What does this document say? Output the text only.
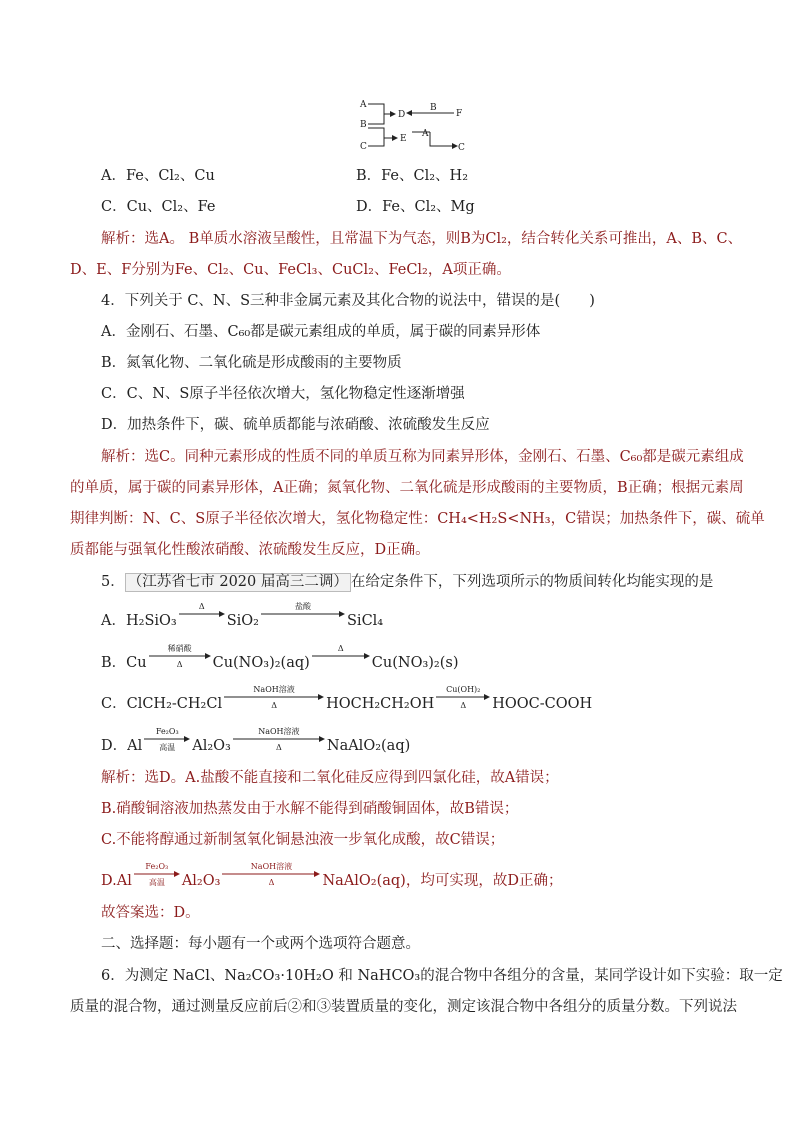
A
B
C
D
E
F
C
B
A
A．Fe、Cl₂、Cu	B．Fe、Cl₂、H₂
C．Cu、Cl₂、Fe	D．Fe、Cl₂、Mg
解析：选A。 B单质水溶液呈酸性，且常温下为气态，则B为Cl₂，结合转化关系可推出，A、B、C、
D、E、F分别为Fe、Cl₂、Cu、FeCl₃、CuCl₂、FeCl₂，A项正确。
4．下列关于 C、N、S三种非金属元素及其化合物的说法中，错误的是(　　)
A．金刚石、石墨、C₆₀都是碳元素组成的单质，属于碳的同素异形体
B．氮氧化物、二氧化硫是形成酸雨的主要物质
C．C、N、S原子半径依次增大，氢化物稳定性逐渐增强
D．加热条件下，碳、硫单质都能与浓硝酸、浓硫酸发生反应
解析：选C。同种元素形成的性质不同的单质互称为同素异形体，金刚石、石墨、C₆₀都是碳元素组成
的单质，属于碳的同素异形体，A正确；氮氧化物、二氧化硫是形成酸雨的主要物质，B正确；根据元素周
期律判断：N、C、S原子半径依次增大，氢化物稳定性：CH₄<H₂S<NH₃，C错误；加热条件下，碳、硫单
质都能与强氧化性酸浓硝酸、浓硫酸发生反应，D正确。
5． （江苏省七市 2020 届高三二调） 在给定条件下，下列选项所示的物质间转化均能实现的是
A． H₂SiO₃
Δ

SiO₂
盐酸

SiCl₄
B． Cu
稀硝酸
Δ Cu(NO₃)₂(aq)
Δ

Cu(NO₃)₂(s)
C． ClCH₂-CH₂Cl
NaOH溶液
Δ	HOCH₂CH₂OH
Cu(OH)₂
Δ HOOC-COOH
D． Al
Fe₂O₃
高温 Al₂O₃
NaOH溶液
Δ	NaAlO₂(aq)
解析：选D。A.盐酸不能直接和二氧化硅反应得到四氯化硅，故A错误；
B.硝酸铜溶液加热蒸发由于水解不能得到硝酸铜固体，故B错误；
C.不能将醇通过新制氢氧化铜悬浊液一步氧化成酸，故C错误；
D. Al
Fe₂O₃
高温 Al₂O₃
NaOH溶液
Δ	NaAlO₂(aq) ，均可实现，故D正确；
故答案选：D。
二、选择题：每小题有一个或两个选项符合题意。
6．为测定 NaCl、Na₂CO₃·10H₂O 和 NaHCO₃的混合物中各组分的含量，某同学设计如下实验：取一定
质量的混合物，通过测量反应前后②和③装置质量的变化，测定该混合物中各组分的质量分数。下列说法
